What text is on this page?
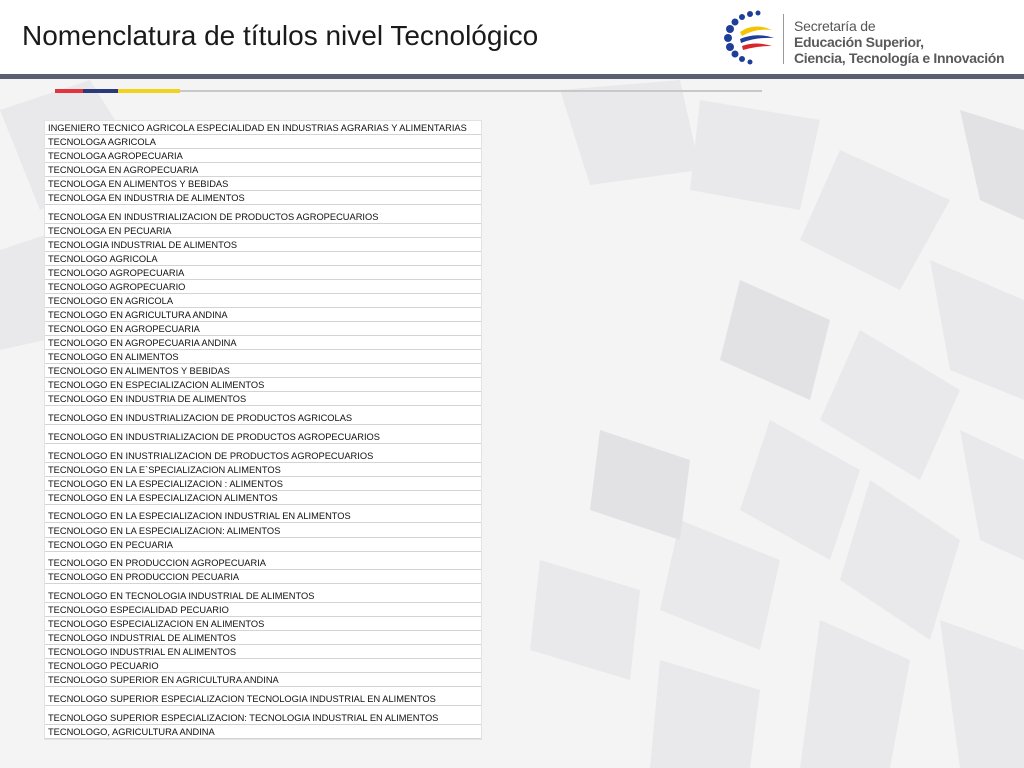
Nomenclatura de títulos nivel Tecnológico	Secretaría de
Educación Superior,
Ciencia, Tecnología e Innovación
INGENIERO TECNICO AGRICOLA ESPECIALIDAD EN INDUSTRIAS AGRARIAS Y ALIMENTARIAS
TECNOLOGA AGRICOLA
TECNOLOGA AGROPECUARIA
TECNOLOGA EN AGROPECUARIA
TECNOLOGA EN ALIMENTOS Y BEBIDAS
TECNOLOGA EN INDUSTRIA DE ALIMENTOS
TECNOLOGA EN INDUSTRIALIZACION DE PRODUCTOS AGROPECUARIOS
TECNOLOGA EN PECUARIA
TECNOLOGIA INDUSTRIAL DE ALIMENTOS
TECNOLOGO AGRICOLA
TECNOLOGO AGROPECUARIA
TECNOLOGO AGROPECUARIO
TECNOLOGO EN AGRICOLA
TECNOLOGO EN AGRICULTURA ANDINA
TECNOLOGO EN AGROPECUARIA
TECNOLOGO EN AGROPECUARIA ANDINA
TECNOLOGO EN ALIMENTOS
TECNOLOGO EN ALIMENTOS Y BEBIDAS
TECNOLOGO EN ESPECIALIZACION ALIMENTOS
TECNOLOGO EN INDUSTRIA DE ALIMENTOS
TECNOLOGO EN INDUSTRIALIZACION DE PRODUCTOS AGRICOLAS
TECNOLOGO EN INDUSTRIALIZACION DE PRODUCTOS AGROPECUARIOS
TECNOLOGO EN INUSTRIALIZACION DE PRODUCTOS AGROPECUARIOS
TECNOLOGO EN LA E`SPECIALIZACION ALIMENTOS
TECNOLOGO EN LA ESPECIALIZACION : ALIMENTOS
TECNOLOGO EN LA ESPECIALIZACION ALIMENTOS
TECNOLOGO EN LA ESPECIALIZACION INDUSTRIAL EN ALIMENTOS
TECNOLOGO EN LA ESPECIALIZACION: ALIMENTOS
TECNOLOGO EN PECUARIA
TECNOLOGO EN PRODUCCION AGROPECUARIA
TECNOLOGO EN PRODUCCION PECUARIA
TECNOLOGO EN TECNOLOGIA INDUSTRIAL DE ALIMENTOS
TECNOLOGO ESPECIALIDAD PECUARIO
TECNOLOGO ESPECIALIZACION EN ALIMENTOS
TECNOLOGO INDUSTRIAL DE ALIMENTOS
TECNOLOGO INDUSTRIAL EN ALIMENTOS
TECNOLOGO PECUARIO
TECNOLOGO SUPERIOR EN AGRICULTURA ANDINA
TECNOLOGO SUPERIOR ESPECIALIZACION TECNOLOGIA INDUSTRIAL EN ALIMENTOS
TECNOLOGO SUPERIOR ESPECIALIZACION: TECNOLOGIA INDUSTRIAL EN ALIMENTOS
TECNOLOGO, AGRICULTURA ANDINA
